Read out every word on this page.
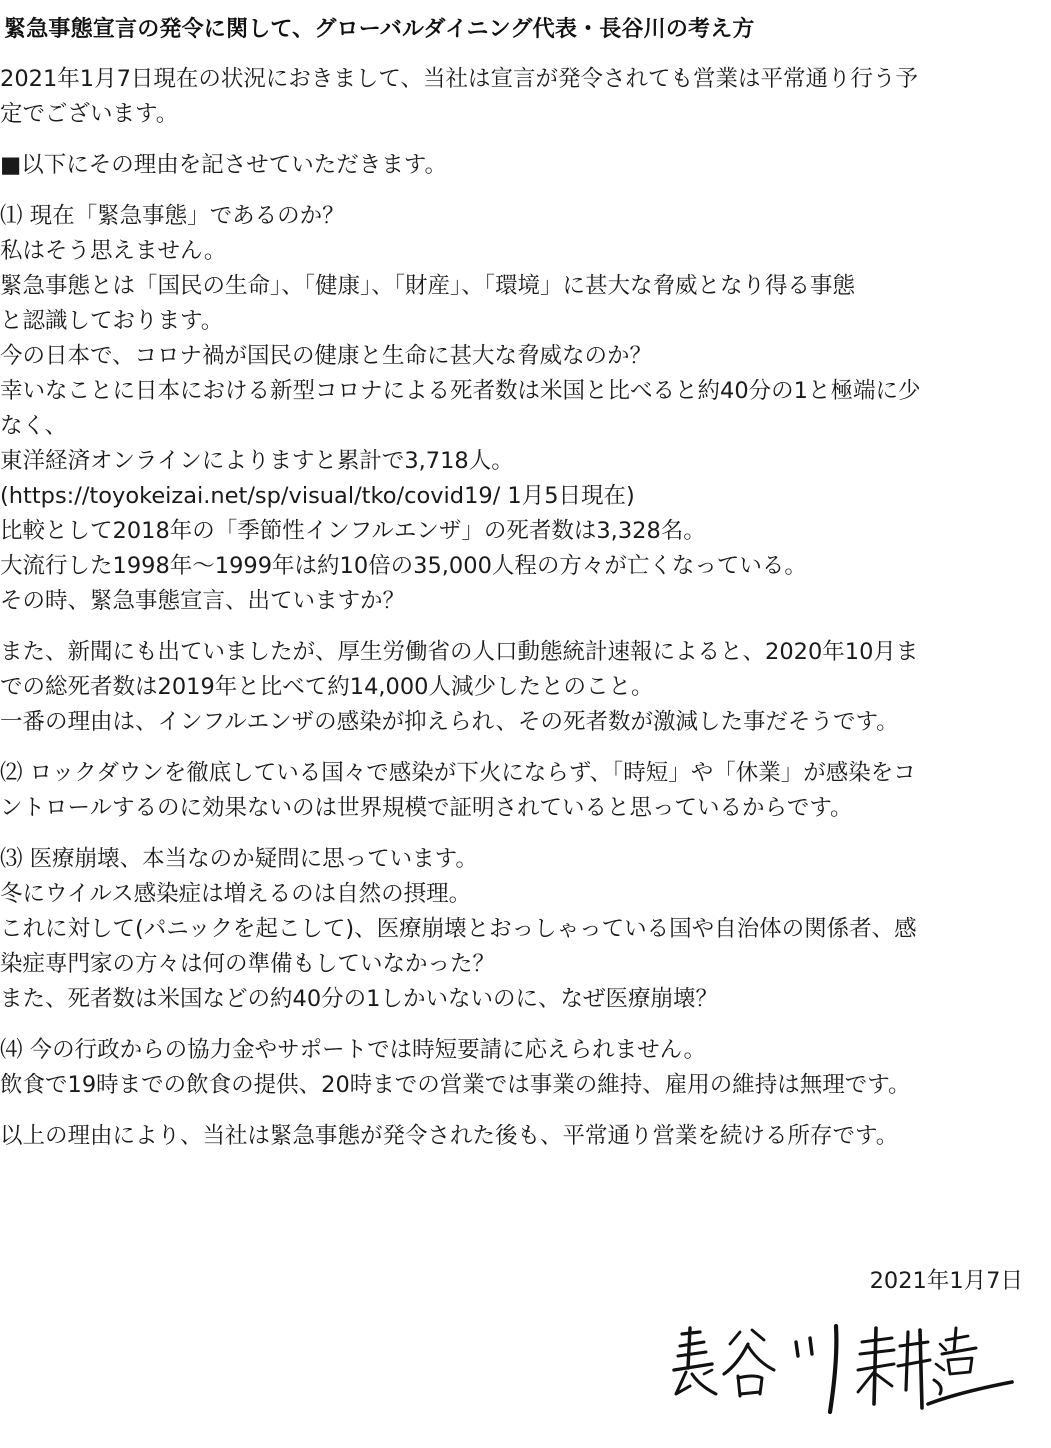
緊急事態宣言の発令に関して、グローバルダイニング代表・長谷川の考え方
2021年1月7日現在の状況におきまして、当社は宣言が発令されても営業は平常通り行う予
定でございます。
■以下にその理由を記させていただきます。
⑴ 現在「緊急事態」であるのか？
私はそう思えません。
緊急事態とは「国民の生命」、「健康」、「財産」、「環境」に甚大な脅威となり得る事態
と認識しております。
今の日本で、コロナ禍が国民の健康と生命に甚大な脅威なのか？
幸いなことに日本における新型コロナによる死者数は米国と比べると約40分の1と極端に少
なく、
東洋経済オンラインによりますと累計で3,718人。
(https://toyokeizai.net/sp/visual/tko/covid19/ 1月5日現在)
比較として2018年の「季節性インフルエンザ」の死者数は3,328名。
大流行した1998年〜1999年は約10倍の35,000人程の方々が亡くなっている。
その時、緊急事態宣言、出ていますか？
また、新聞にも出ていましたが、厚生労働省の人口動態統計速報によると、2020年10月ま
での総死者数は2019年と比べて約14,000人減少したとのこと。
一番の理由は、インフルエンザの感染が抑えられ、その死者数が激減した事だそうです。
⑵ ロックダウンを徹底している国々で感染が下火にならず、「時短」や「休業」が感染をコ
ントロールするのに効果ないのは世界規模で証明されていると思っているからです。
⑶ 医療崩壊、本当なのか疑問に思っています。
冬にウイルス感染症は増えるのは自然の摂理。
これに対して(パニックを起こして)、医療崩壊とおっしゃっている国や自治体の関係者、感
染症専門家の方々は何の準備もしていなかった？
また、死者数は米国などの約40分の1しかいないのに、なぜ医療崩壊？
⑷ 今の行政からの協力金やサポートでは時短要請に応えられません。
飲食で19時までの飲食の提供、20時までの営業では事業の維持、雇用の維持は無理です。
以上の理由により、当社は緊急事態が発令された後も、平常通り営業を続ける所存です。
2021年1月7日
